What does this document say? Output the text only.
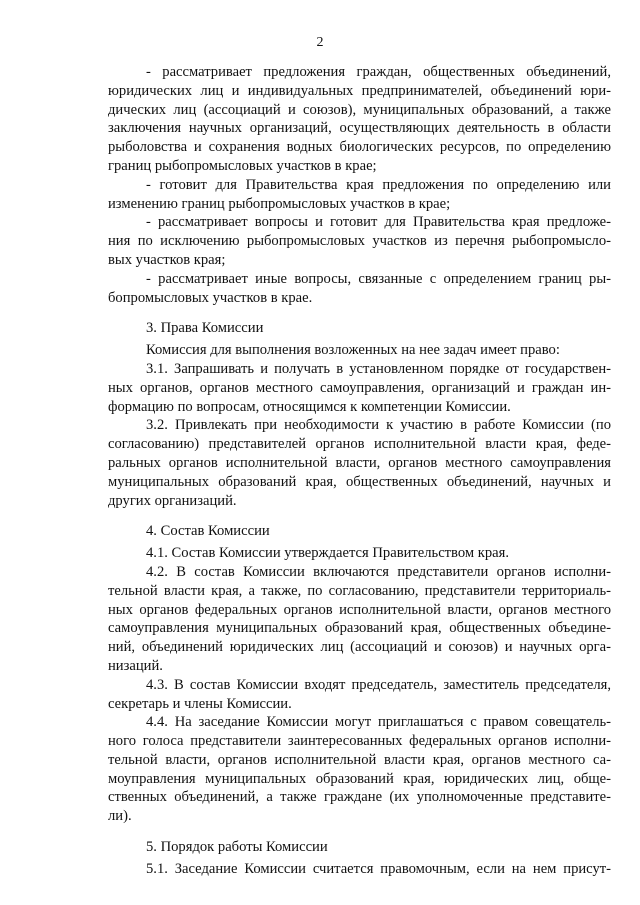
2
- рассматривает предложения граждан, общественных объединений,
юридических лиц и индивидуальных предпринимателей, объединений юри-
дических лиц (ассоциаций и союзов), муниципальных образований, а также
заключения научных организаций, осуществляющих деятельность в области
рыболовства и сохранения водных биологических ресурсов, по определению
границ рыбопромысловых участков в крае;
- готовит для Правительства края предложения по определению или
изменению границ рыбопромысловых участков в крае;
- рассматривает вопросы и готовит для Правительства края предложе-
ния по исключению рыбопромысловых участков из перечня рыбопромысло-
вых участков края;
- рассматривает иные вопросы, связанные с определением границ ры-
бопромысловых участков в крае.
3. Права Комиссии
Комиссия для выполнения возложенных на нее задач имеет право:
3.1. Запрашивать и получать в установленном порядке от государствен-
ных органов, органов местного самоуправления, организаций и граждан ин-
формацию по вопросам, относящимся к компетенции Комиссии.
3.2. Привлекать при необходимости к участию в работе Комиссии (по
согласованию) представителей органов исполнительной власти края, феде-
ральных органов исполнительной власти, органов местного самоуправления
муниципальных образований края, общественных объединений, научных и
других организаций.
4. Состав Комиссии
4.1. Состав Комиссии утверждается Правительством края.
4.2. В состав Комиссии включаются представители органов исполни-
тельной власти края, а также, по согласованию, представители территориаль-
ных органов федеральных органов исполнительной власти, органов местного
самоуправления муниципальных образований края, общественных объедине-
ний, объединений юридических лиц (ассоциаций и союзов) и научных орга-
низаций.
4.3. В состав Комиссии входят председатель, заместитель председателя,
секретарь и члены Комиссии.
4.4. На заседание Комиссии могут приглашаться с правом совещатель-
ного голоса представители заинтересованных федеральных органов исполни-
тельной власти, органов исполнительной власти края, органов местного са-
моуправления муниципальных образований края, юридических лиц, обще-
ственных объединений, а также граждане (их уполномоченные представите-
ли).
5. Порядок работы Комиссии
5.1. Заседание Комиссии считается правомочным, если на нем присут-
